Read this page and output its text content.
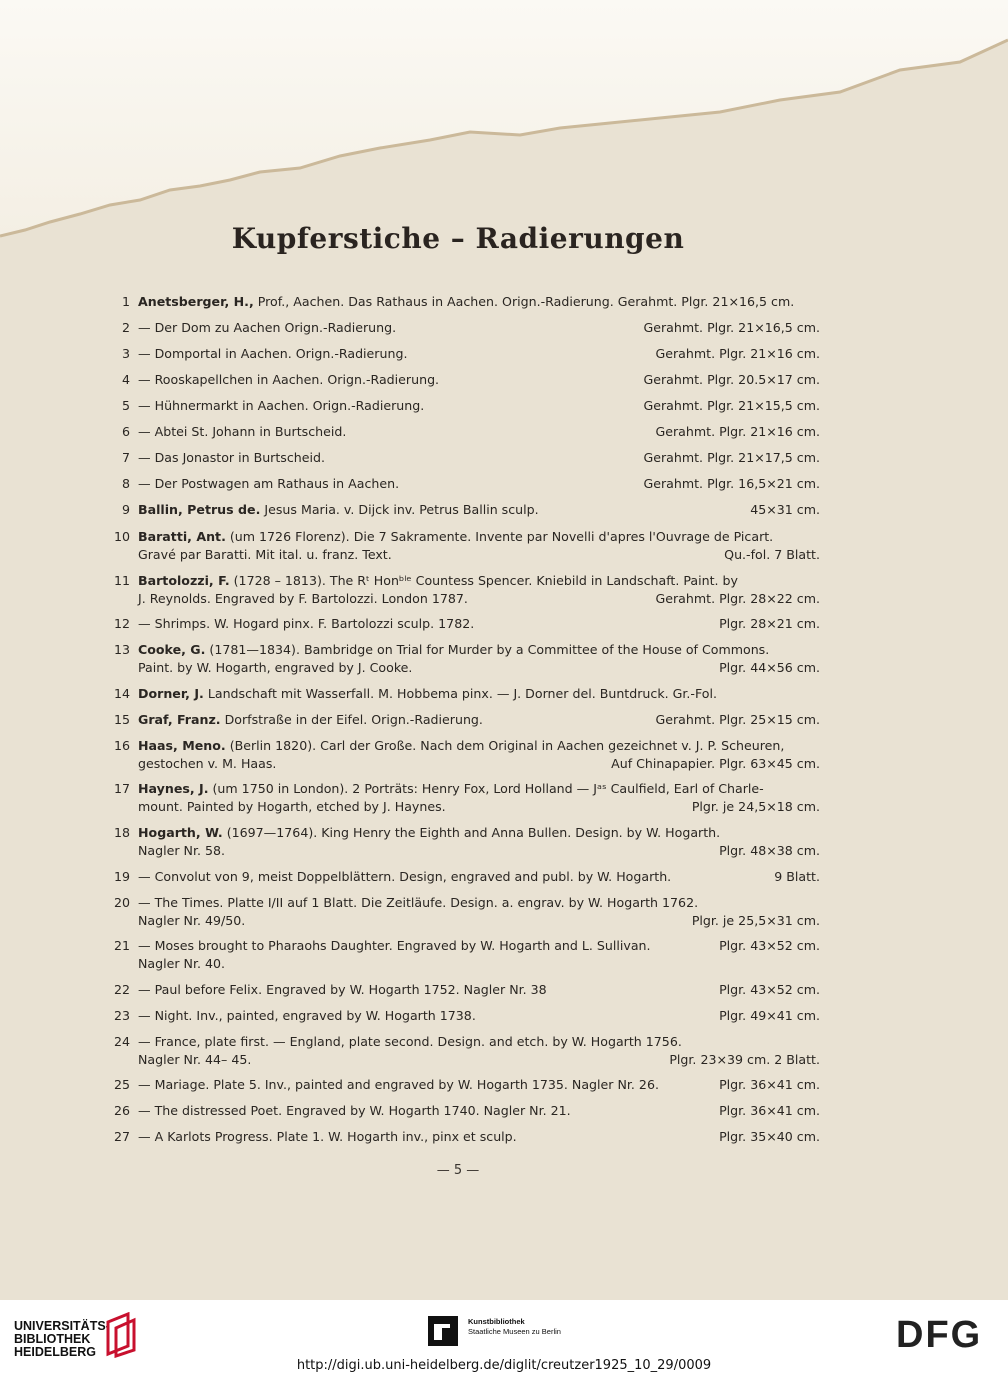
Kupferstiche – Radierungen
1 Anetsberger, H., Prof., Aachen. Das Rathaus in Aachen. Orign.-Radierung. Gerahmt. Plgr. 21×16,5 cm.
2 — Der Dom zu Aachen Orign.-Radierung.	Gerahmt. Plgr. 21×16,5 cm.
3 — Domportal in Aachen. Orign.-Radierung.	Gerahmt. Plgr. 21×16 cm.
4 — Rooskapellchen in Aachen. Orign.-Radierung.	Gerahmt. Plgr. 20.5×17 cm.
5 — Hühnermarkt in Aachen. Orign.-Radierung.	Gerahmt. Plgr. 21×15,5 cm.
6 — Abtei St. Johann in Burtscheid.	Gerahmt. Plgr. 21×16 cm.
7 — Das Jonastor in Burtscheid.	Gerahmt. Plgr. 21×17,5 cm.
8 — Der Postwagen am Rathaus in Aachen.	Gerahmt. Plgr. 16,5×21 cm.
9 Ballin, Petrus de. Jesus Maria. v. Dijck inv. Petrus Ballin sculp.	45×31 cm.
10 Baratti, Ant. (um 1726 Florenz). Die 7 Sakramente. Invente par Novelli d'apres l'Ouvrage de Picart.
Gravé par Baratti. Mit ital. u. franz. Text.	Qu.-fol. 7 Blatt.
11 Bartolozzi, F. (1728 – 1813). The Rᵗ Honᵇˡᵉ Countess Spencer. Kniebild in Landschaft. Paint. by
J. Reynolds. Engraved by F. Bartolozzi. London 1787.	Gerahmt. Plgr. 28×22 cm.
12 — Shrimps. W. Hogard pinx. F. Bartolozzi sculp. 1782.	Plgr. 28×21 cm.
13 Cooke, G. (1781—1834). Bambridge on Trial for Murder by a Committee of the House of Commons.
Paint. by W. Hogarth, engraved by J. Cooke.	Plgr. 44×56 cm.
14 Dorner, J. Landschaft mit Wasserfall. M. Hobbema pinx. — J. Dorner del. Buntdruck. Gr.-Fol.
15 Graf, Franz. Dorfstraße in der Eifel. Orign.-Radierung.	Gerahmt. Plgr. 25×15 cm.
16 Haas, Meno. (Berlin 1820). Carl der Große. Nach dem Original in Aachen gezeichnet v. J. P. Scheuren,
gestochen v. M. Haas.	Auf Chinapapier. Plgr. 63×45 cm.
17 Haynes, J. (um 1750 in London). 2 Porträts: Henry Fox, Lord Holland — Jᵃˢ Caulfield, Earl of Charle-
mount. Painted by Hogarth, etched by J. Haynes.	Plgr. je 24,5×18 cm.
18 Hogarth, W. (1697—1764). King Henry the Eighth and Anna Bullen. Design. by W. Hogarth.
Nagler Nr. 58.	Plgr. 48×38 cm.
19 — Convolut von 9, meist Doppelblättern. Design, engraved and publ. by W. Hogarth.	9 Blatt.
20 — The Times. Platte I/II auf 1 Blatt. Die Zeitläufe. Design. a. engrav. by W. Hogarth 1762.
Nagler Nr. 49/50.	Plgr. je 25,5×31 cm.
21 — Moses brought to Pharaohs Daughter. Engraved by W. Hogarth and L. Sullivan.	Plgr. 43×52 cm.
Nagler Nr. 40.
22 — Paul before Felix. Engraved by W. Hogarth 1752. Nagler Nr. 38	Plgr. 43×52 cm.
23 — Night. Inv., painted, engraved by W. Hogarth 1738.	Plgr. 49×41 cm.
24 — France, plate first. — England, plate second. Design. and etch. by W. Hogarth 1756.
Nagler Nr. 44– 45.	Plgr. 23×39 cm. 2 Blatt.
25 — Mariage. Plate 5. Inv., painted and engraved by W. Hogarth 1735. Nagler Nr. 26.	Plgr. 36×41 cm.
26 — The distressed Poet. Engraved by W. Hogarth 1740. Nagler Nr. 21.	Plgr. 36×41 cm.
27 — A Karlots Progress. Plate 1. W. Hogarth inv., pinx et sculp.	Plgr. 35×40 cm.
— 5 —
UNIVERSITÄTS-
BIBLIOTHEK
HEIDELBERG
Kunstbibliothek
Staatliche Museen zu Berlin	DFG
http://digi.ub.uni-heidelberg.de/diglit/creutzer1925_10_29/0009
